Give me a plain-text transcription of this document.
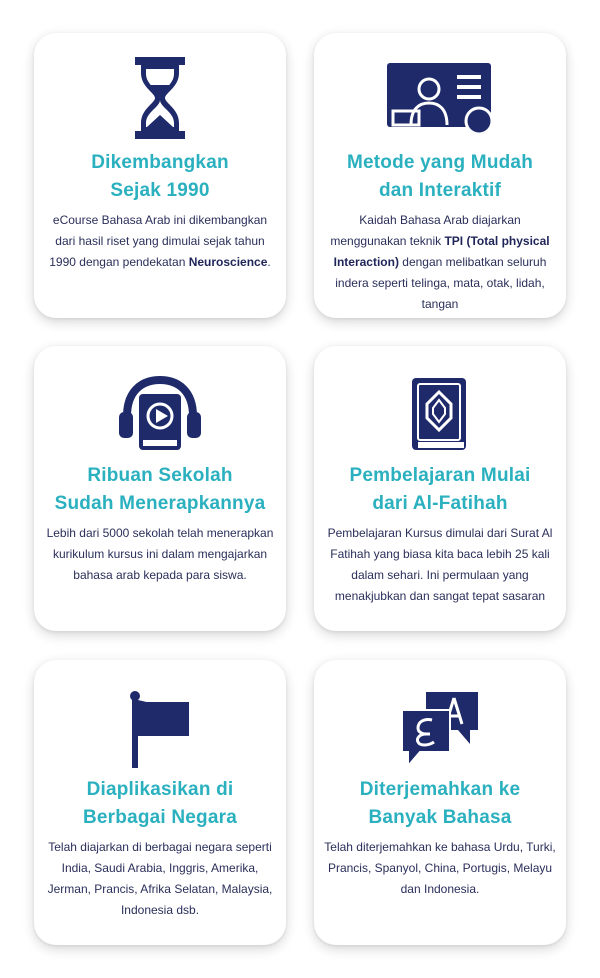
Dikembangkan
Sejak 1990
eCourse Bahasa Arab ini dikembangkan dari hasil riset yang dimulai sejak tahun 1990 dengan pendekatan Neuroscience.
Metode yang Mudah
dan Interaktif
Kaidah Bahasa Arab diajarkan menggunakan teknik TPI (Total physical Interaction) dengan melibatkan seluruh indera seperti telinga, mata, otak, lidah, tangan
Ribuan Sekolah
Sudah Menerapkannya
Lebih dari 5000 sekolah telah menerapkan kurikulum kursus ini dalam mengajarkan bahasa arab kepada para siswa.
Pembelajaran Mulai
dari Al-Fatihah
Pembelajaran Kursus dimulai dari Surat Al Fatihah yang biasa kita baca lebih 25 kali dalam sehari. Ini permulaan yang menakjubkan dan sangat tepat sasaran
Diaplikasikan di
Berbagai Negara
Telah diajarkan di berbagai negara seperti India, Saudi Arabia, Inggris, Amerika, Jerman, Prancis, Afrika Selatan, Malaysia, Indonesia dsb.
Diterjemahkan ke
Banyak Bahasa
Telah diterjemahkan ke bahasa Urdu, Turki, Prancis, Spanyol, China, Portugis, Melayu dan Indonesia.
